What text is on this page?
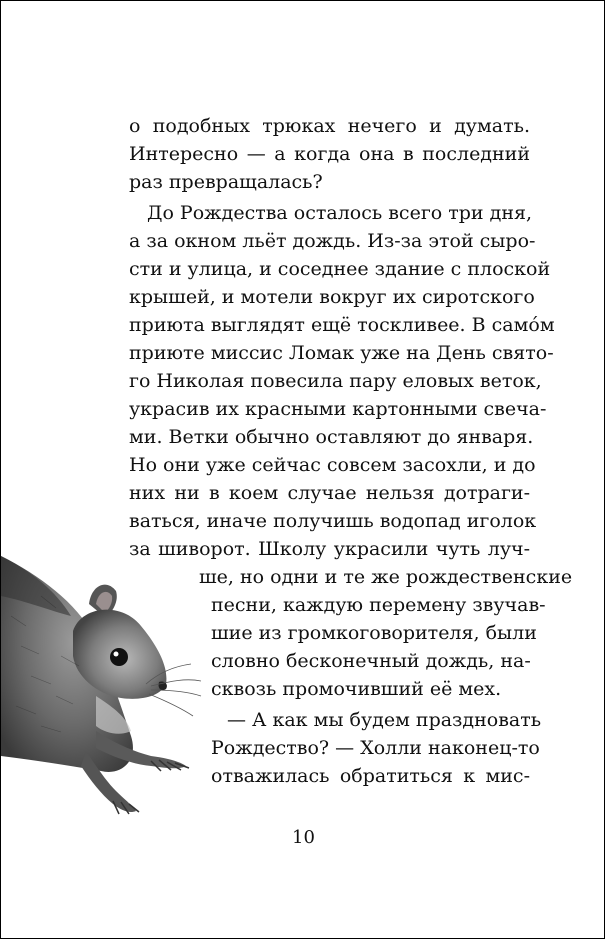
о подобных трюках нечего и думать.
Интересно — а когда она в последний
раз превращалась?
До Рождества осталось всего три дня,
а за окном льёт дождь. Из-за этой сыро-
сти и улица, и соседнее здание с плоской
крышей, и мотели вокруг их сиротского
приюта выглядят ещё тоскливее. В само́м
приюте миссис Ломак уже на День свято-
го Николая повесила пару еловых веток,
украсив их красными картонными свеча-
ми. Ветки обычно оставляют до января.
Но они уже сейчас совсем засохли, и до
них ни в коем случае нельзя дотраги-
ваться, иначе получишь водопад иголок
за шиворот. Школу украсили чуть луч-
ше, но одни и те же рождественские
песни, каждую перемену звучав-
шие из громкоговорителя, были
словно бесконечный дождь, на-
сквозь промочивший её мех.
— А как мы будем праздновать
Рождество? — Холли наконец-то
отважилась обратиться к мис-
10
